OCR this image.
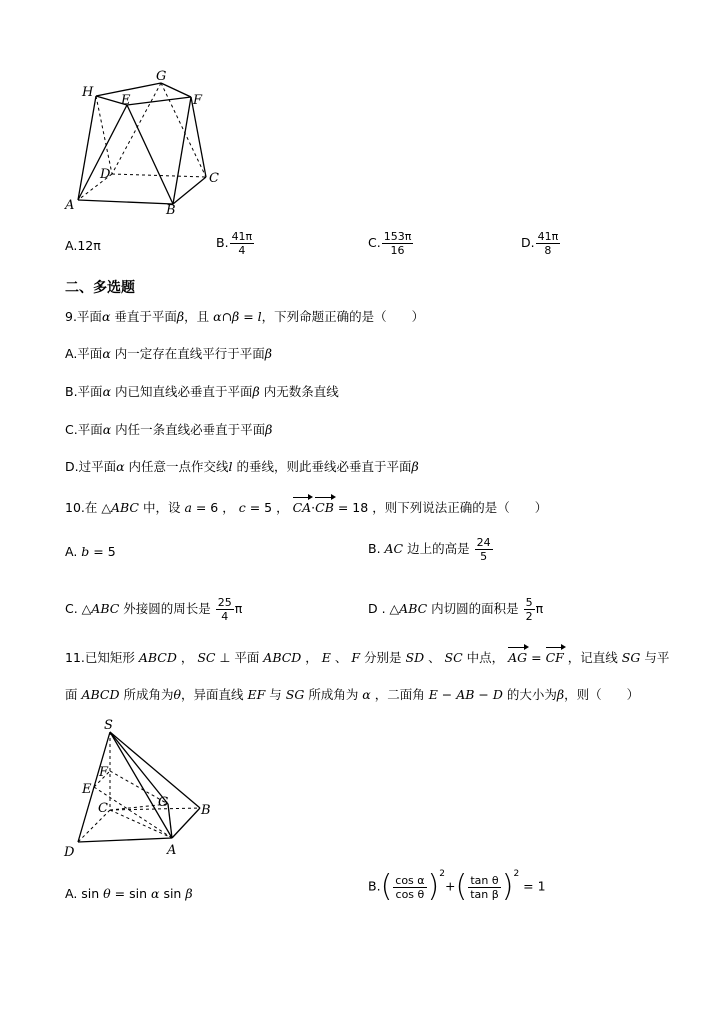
H
G
E	F
D	C
A	B
A.12π	B. $\frac{41\pi}{4}$	C. $\frac{153\pi}{16}$	D. $\frac{41\pi}{8}$
二、多选题
9.平面α 垂直于平面β，且 α∩β = l，下列命题正确的是（　　）
A.平面α 内一定存在直线平行于平面β
B.平面α 内已知直线必垂直于平面β 内无数条直线
C.平面α 内任一条直线必垂直于平面β
D.过平面α 内任意一点作交线l 的垂线，则此垂线必垂直于平面β
10.在 △ABC 中，设 a = 6 ， c = 5 ， CA·CB = 18 ，则下列说法正确的是（　　）
A. b = 5	B. AC 边上的高是 $\frac{24}{5}$
C. △ABC 外接圆的周长是 $\frac{25}{4}$ π	D . △ABC 内切圆的面积是 $\frac{5}{2}$ π
11.已知矩形 ABCD ， SC ⊥ 平面 ABCD ， E 、 F 分别是 SD 、 SC 中点， AG = CF ，记直线 SG 与平
面 ABCD 所成角为θ，异面直线 EF 与 SG 所成角为 α ，二面角 E − AB − D 的大小为β，则（　　）
S
F
E
C	G
B
D	A
A. sin θ = sin α sin β	$B.( \frac{\text{cos α}}{\text{cos θ}} )^2+( \frac{\text{tan θ}}{\text{tan β}} )^2 = 1$
